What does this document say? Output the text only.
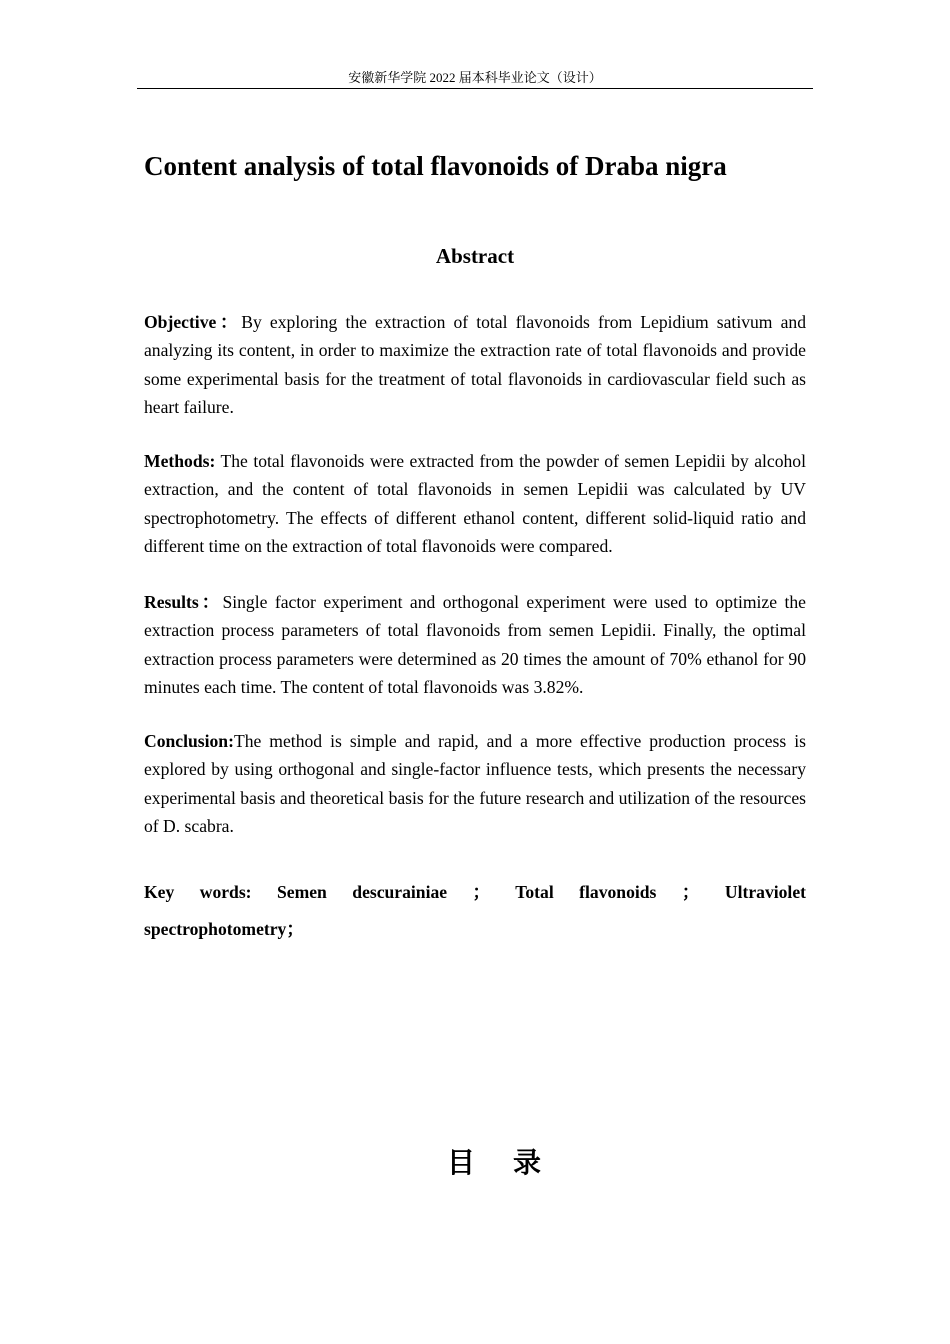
安徽新华学院 2022 届本科毕业论文（设计）
Content analysis of total flavonoids of Draba nigra
Abstract

Objective：By exploring the extraction of total flavonoids from Lepidium sativum and analyzing its content, in order to maximize the extraction rate of total flavonoids and provide some experimental basis for the treatment of total flavonoids in cardiovascular field such as heart failure.

Methods: The total flavonoids were extracted from the powder of semen Lepidii by alcohol extraction, and the content of total flavonoids in semen Lepidii was calculated by UV spectrophotometry. The effects of different ethanol content, different solid-liquid ratio and different time on the extraction of total flavonoids were compared.

Results：Single factor experiment and orthogonal experiment were used to optimize the extraction process parameters of total flavonoids from semen Lepidii. Finally, the optimal extraction process parameters were determined as 20 times the amount of 70% ethanol for 90 minutes each time. The content of total flavonoids was 3.82%.

Conclusion:The method is simple and rapid, and a more effective production process is explored by using orthogonal and single-factor influence tests, which presents the necessary experimental basis and theoretical basis for the future research and utilization of the resources of D. scabra.

Key words: Semen descurainiae ； Total flavonoids ； Ultraviolet
spectrophotometry；

目录
